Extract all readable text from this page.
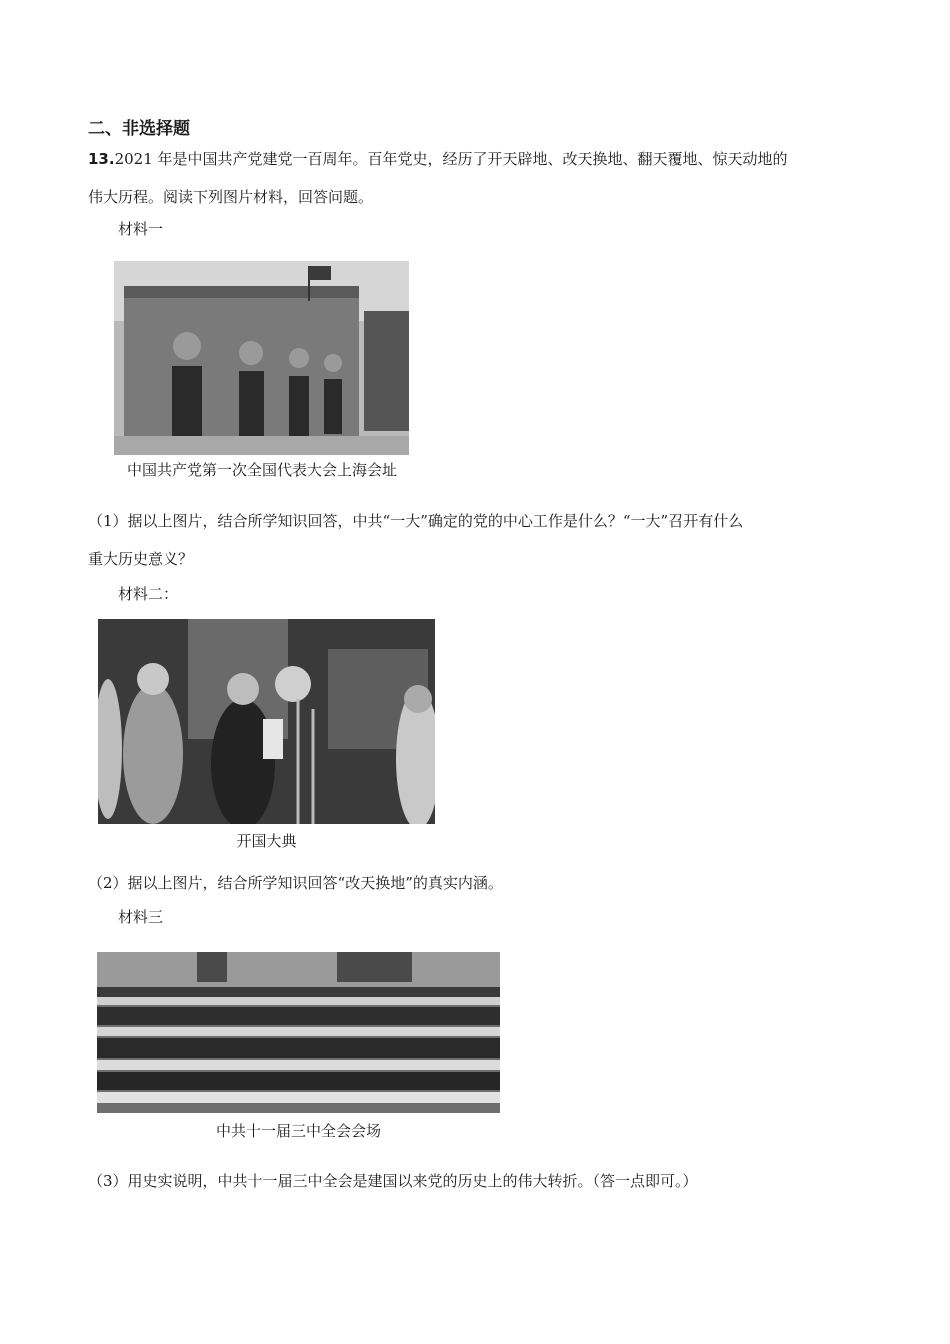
二、非选择题
13.2021 年是中国共产党建党一百周年。百年党史，经历了开天辟地、改天换地、翻天覆地、惊天动地的
伟大历程。阅读下列图片材料，回答问题。
材料一
中国共产党第一次全国代表大会上海会址
（1）据以上图片，结合所学知识回答，中共“一大”确定的党的中心工作是什么？“一大”召开有什么
重大历史意义？
材料二：
开国大典
（2）据以上图片，结合所学知识回答“改天换地”的真实内涵。
材料三
中共十一届三中全会会场
（3）用史实说明，中共十一届三中全会是建国以来党的历史上的伟大转折。（答一点即可。）
